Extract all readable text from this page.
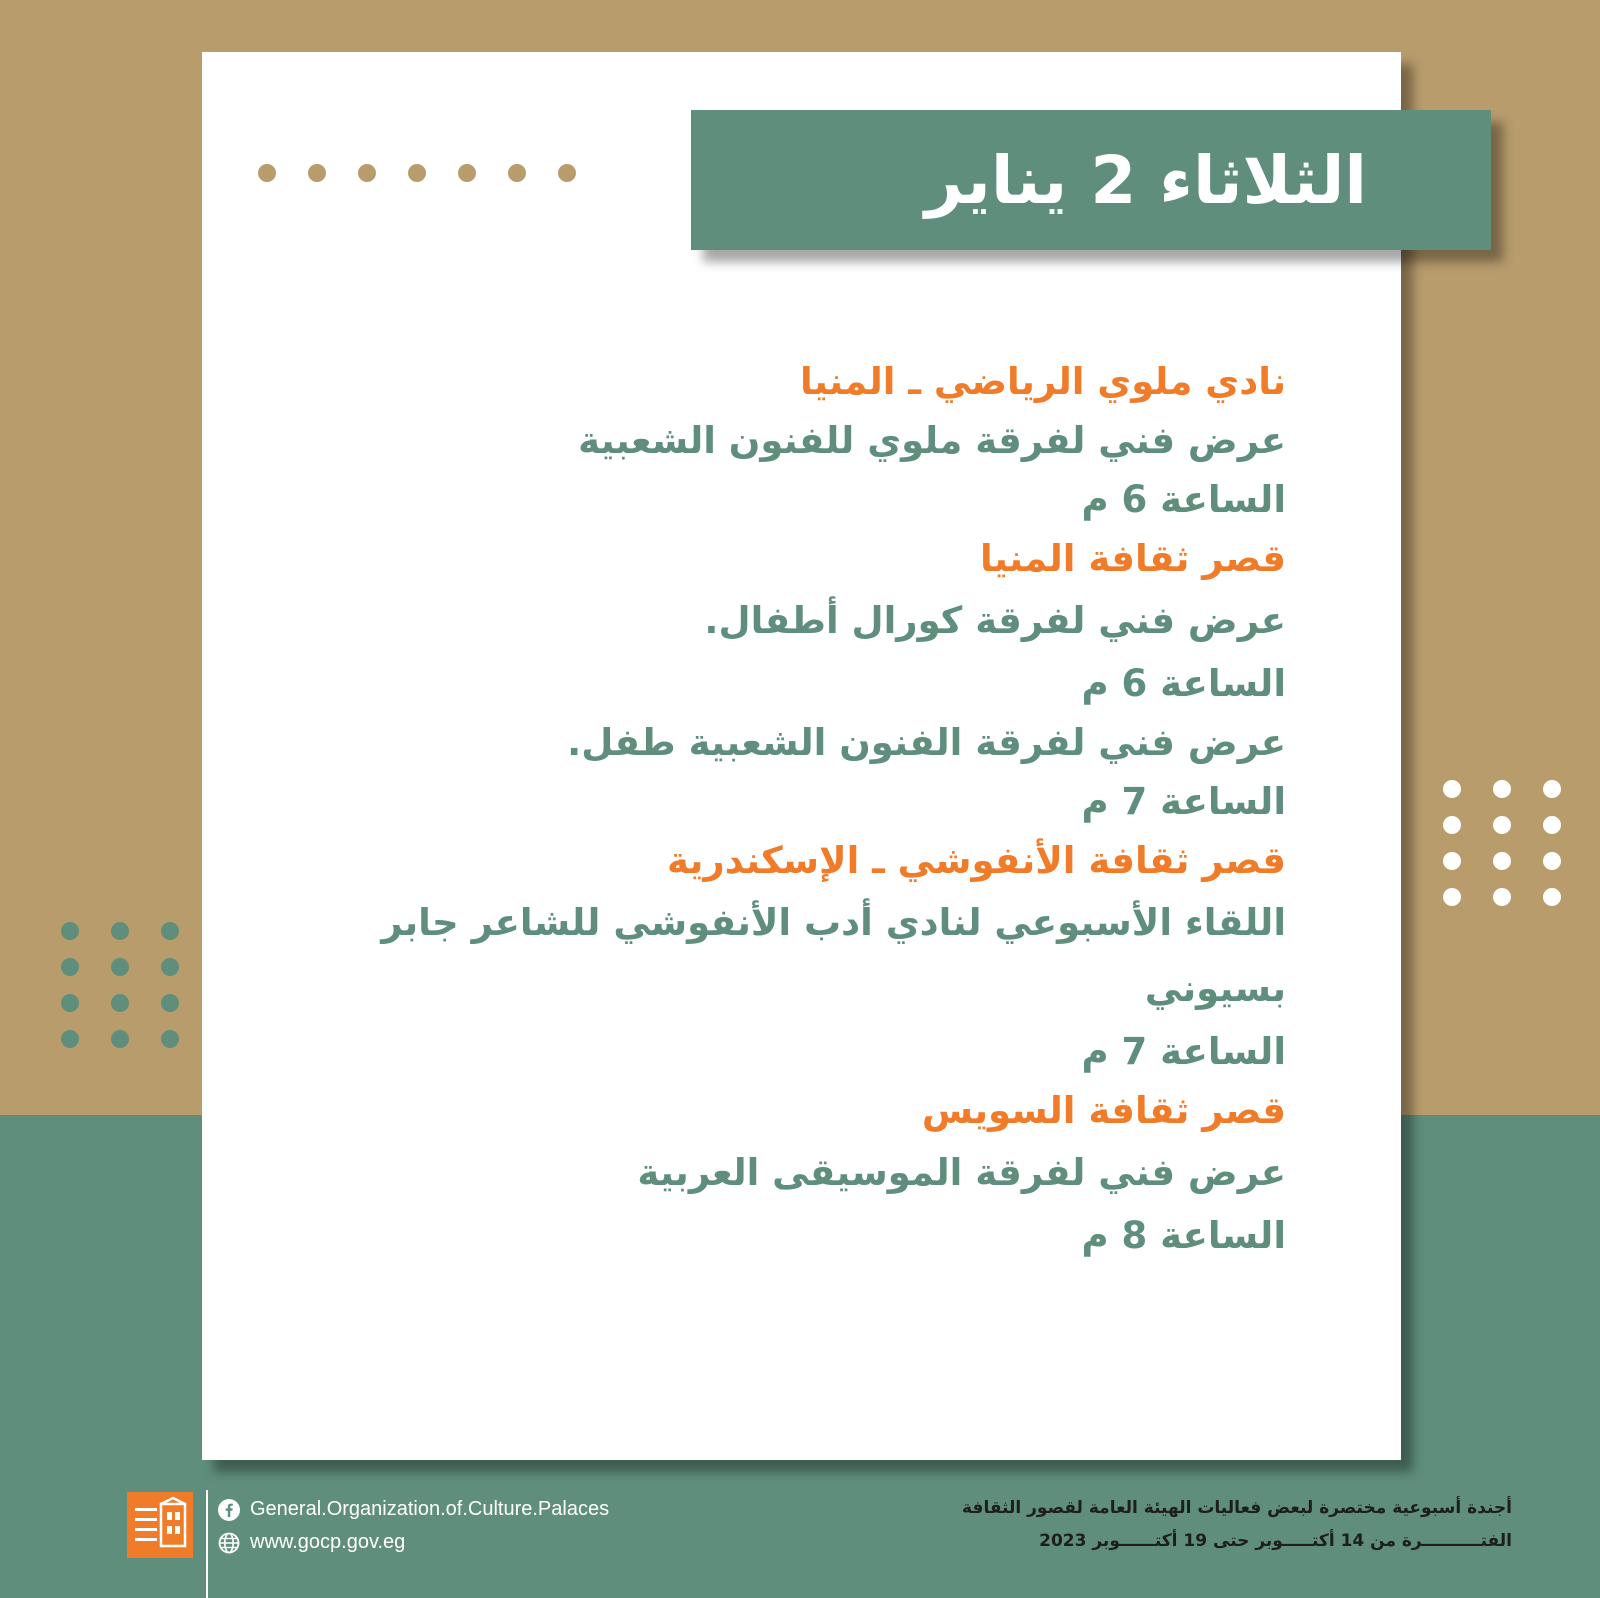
الثلاثاء 2 يناير
نادي ملوي الرياضي ـ المنيا
عرض فني لفرقة ملوي للفنون الشعبية
الساعة 6 م
قصر ثقافة المنيا
عرض فني لفرقة كورال أطفال.
الساعة 6 م
عرض فني لفرقة الفنون الشعبية طفل.
الساعة 7 م
قصر ثقافة الأنفوشي ـ الإسكندرية
اللقاء الأسبوعي لنادي أدب الأنفوشي للشاعر جابر
بسيوني
الساعة 7 م
قصر ثقافة السويس
عرض فني لفرقة الموسيقى العربية
الساعة 8 م
General.Organization.of.Culture.Palaces
www.gocp.gov.eg
أجندة أسبوعية مختصرة لبعض فعاليات الهيئة العامة لقصور الثقافة
الفتــــــــــرة من 14 أكتـــــوبر حتى 19 أكتــــــوبر 2023
